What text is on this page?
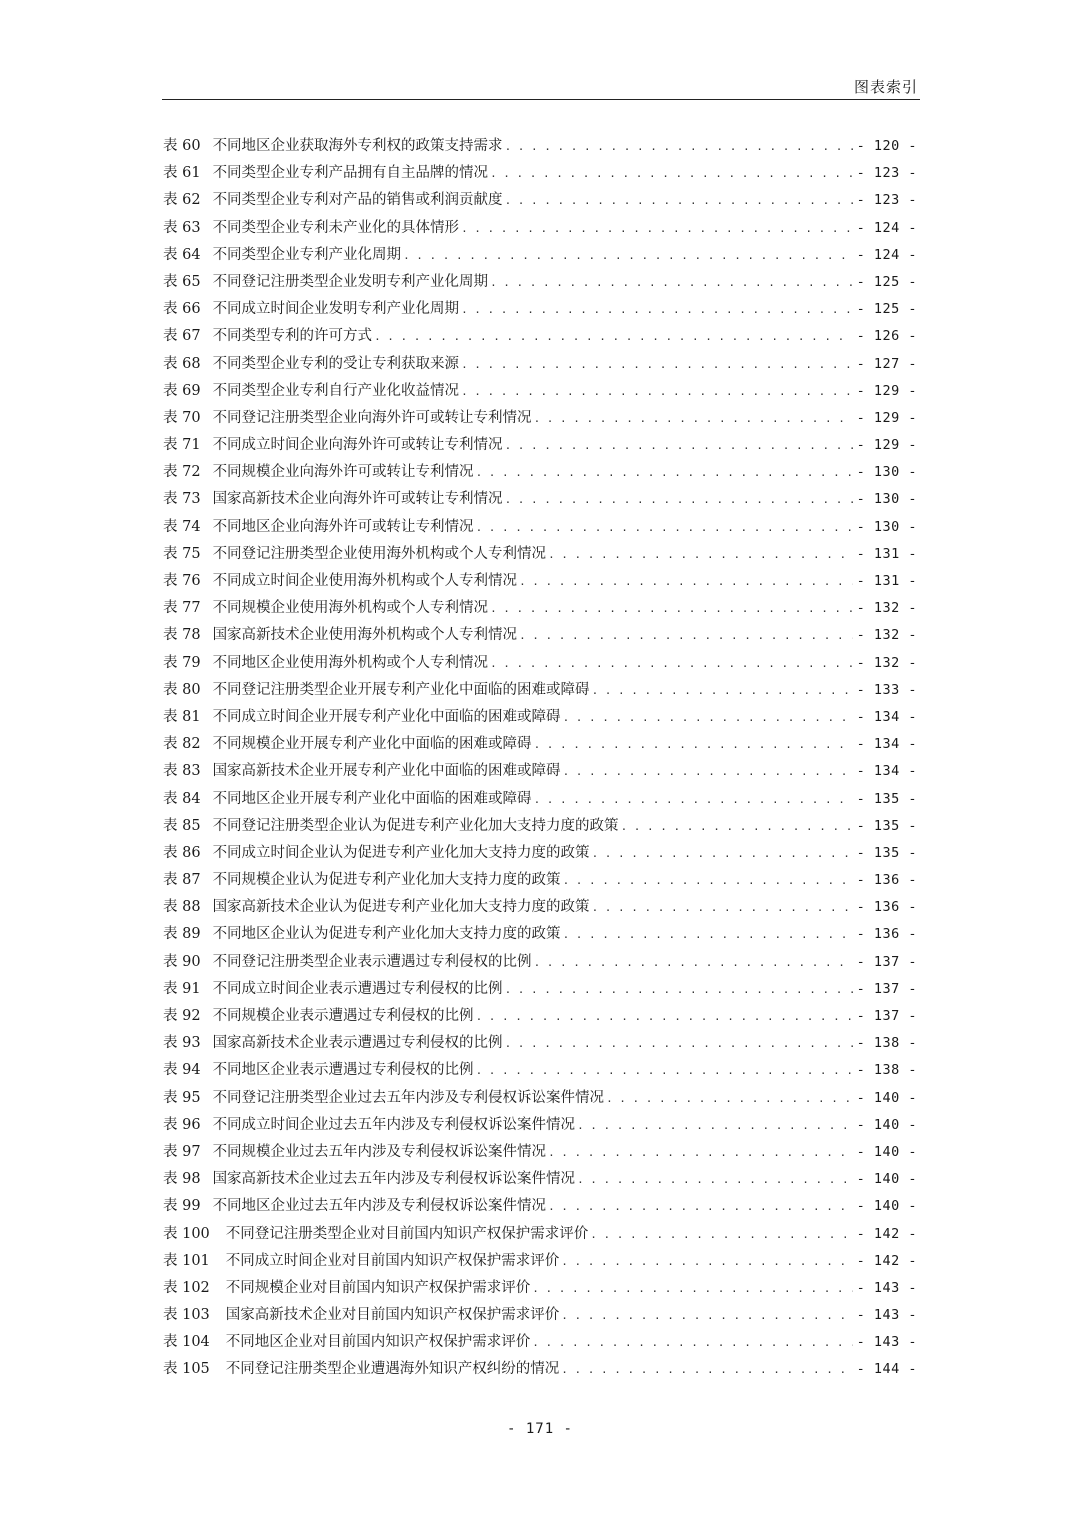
图表索引
表 60 不同地区企业获取海外专利权的政策支持需求 . . .	- 120 -
表 61 不同类型企业专利产品拥有自主品牌的情况 . . .	- 123 -
表 62 不同类型企业专利对产品的销售或利润贡献度 . . .	- 123 -
表 63 不同类型企业专利未产业化的具体情形 . . .	- 124 -
表 64 不同类型企业专利产业化周期 . . .	- 124 -
表 65 不同登记注册类型企业发明专利产业化周期 . . .	- 125 -
表 66 不同成立时间企业发明专利产业化周期 . . .	- 125 -
表 67 不同类型专利的许可方式 . . .	- 126 -
表 68 不同类型企业专利的受让专利获取来源 . . .	- 127 -
表 69 不同类型企业专利自行产业化收益情况 . . .	- 129 -
表 70 不同登记注册类型企业向海外许可或转让专利情况 . . .	- 129 -
表 71 不同成立时间企业向海外许可或转让专利情况 . . .	- 129 -
表 72 不同规模企业向海外许可或转让专利情况 . . .	- 130 -
表 73 国家高新技术企业向海外许可或转让专利情况 . . .	- 130 -
表 74 不同地区企业向海外许可或转让专利情况 . . .	- 130 -
表 75 不同登记注册类型企业使用海外机构或个人专利情况 . . .	- 131 -
表 76 不同成立时间企业使用海外机构或个人专利情况 . . .	- 131 -
表 77 不同规模企业使用海外机构或个人专利情况 . . .	- 132 -
表 78 国家高新技术企业使用海外机构或个人专利情况 . . .	- 132 -
表 79 不同地区企业使用海外机构或个人专利情况 . . .	- 132 -
表 80 不同登记注册类型企业开展专利产业化中面临的困难或障碍 . . .	- 133 -
表 81 不同成立时间企业开展专利产业化中面临的困难或障碍 . . .	- 134 -
表 82 不同规模企业开展专利产业化中面临的困难或障碍 . . .	- 134 -
表 83 国家高新技术企业开展专利产业化中面临的困难或障碍 . . .	- 134 -
表 84 不同地区企业开展专利产业化中面临的困难或障碍 . . .	- 135 -
表 85 不同登记注册类型企业认为促进专利产业化加大支持力度的政策 . . .	- 135 -
表 86 不同成立时间企业认为促进专利产业化加大支持力度的政策 . . .	- 135 -
表 87 不同规模企业认为促进专利产业化加大支持力度的政策 . . .	- 136 -
表 88 国家高新技术企业认为促进专利产业化加大支持力度的政策 . . .	- 136 -
表 89 不同地区企业认为促进专利产业化加大支持力度的政策 . . .	- 136 -
表 90 不同登记注册类型企业表示遭遇过专利侵权的比例 . . .	- 137 -
表 91 不同成立时间企业表示遭遇过专利侵权的比例 . . .	- 137 -
表 92 不同规模企业表示遭遇过专利侵权的比例 . . .	- 137 -
表 93 国家高新技术企业表示遭遇过专利侵权的比例 . . .	- 138 -
表 94 不同地区企业表示遭遇过专利侵权的比例 . . .	- 138 -
表 95 不同登记注册类型企业过去五年内涉及专利侵权诉讼案件情况 . . .	- 140 -
表 96 不同成立时间企业过去五年内涉及专利侵权诉讼案件情况 . . .	- 140 -
表 97 不同规模企业过去五年内涉及专利侵权诉讼案件情况 . . .	- 140 -
表 98 国家高新技术企业过去五年内涉及专利侵权诉讼案件情况 . . .	- 140 -
表 99 不同地区企业过去五年内涉及专利侵权诉讼案件情况 . . .	- 140 -
表 100 不同登记注册类型企业对目前国内知识产权保护需求评价 . . .	- 142 -
表 101 不同成立时间企业对目前国内知识产权保护需求评价 . . .	- 142 -
表 102 不同规模企业对目前国内知识产权保护需求评价 . . .	- 143 -
表 103 国家高新技术企业对目前国内知识产权保护需求评价 . . .	- 143 -
表 104 不同地区企业对目前国内知识产权保护需求评价 . . .	- 143 -
表 105 不同登记注册类型企业遭遇海外知识产权纠纷的情况 . . .	- 144 -
- 171 -
